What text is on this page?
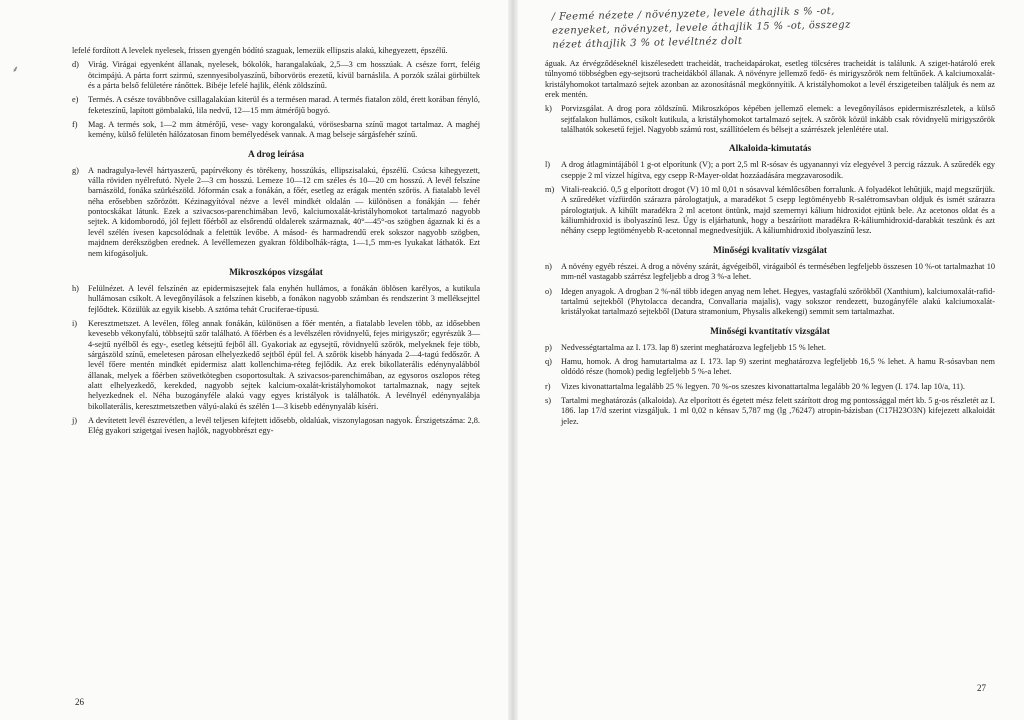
⸙
/ Feemé nézete / növényzete, levele áthajlik s % -ot,
ezenyeket, növényzet, levele áthajlik 15 % -ot, összegz
nézet áthajlik 3 % ot levéltnéz dolt

lefelé fordított A levelek nyelesek, frissen gyengén bódító szaguak, lemezük ellipszis alakú, kihegyezett, épszélű.

d) Virág. Virágai egyenként állanak, nyelesek, bókolók, harangalakúak, 2,5—3 cm hosszúak. A csésze forrt, feléig ötcimpájú. A párta forrt szirmú, szennyesibolyaszínű, bíborvörös erezetű, kívül barnáslila. A porzók szálai görbültek és a párta belső felületére ránőttek. Bibéje lefelé hajlik, élénk zöldszínű.
e) Termés. A csésze továbbnőve csillagalakúan kiterül és a termésen marad. A termés fiatalon zöld, érett korában fényló, feketeszínű, lapított gömbalakú, lila nedvű, 12—15 mm átmérőjű bogyó.
f) Mag. A termés sok, 1—2 mm átmérőjű, vese- vagy korongalakú, vörösesbarna színű magot tartalmaz. A maghéj kemény, külső felületén hálózatosan finom bemélyedések vannak. A mag belseje sárgásfehér színű.
A drog leírása
g) A nadragulya-levél hártyaszerű, papírvékony és törékeny, hosszúkás, ellipszisalakú, épszélű. Csúcsa kihegyezett, válla röviden nyélrefutó. Nyele 2—3 cm hosszú. Lemeze 10—12 cm széles és 10—20 cm hosszú. A levél felszíne barnászöld, fonáka szürkészöld. Jóformán csak a fonákán, a főér, esetleg az erágak mentén szőrös. A fiatalabb levél néha erősebben szőrözött. Kézinagyítóval nézve a levél mindkét oldalán — különösen a fonákján — fehér pontocskákat látunk. Ezek a szivacsos-parenchimában levő, kalciumoxalát-kristályhomokot tartalmazó nagyobb sejtek. A kidomborodó, jól fejlett főérből az elsőrendű oldalerek származnak, 40°—45°-os szögben ágaznak ki és a levél szélén ívesen kapcsolódnak a felettük levőbe. A másod- és harmadrendű erek sokszor nagyobb szögben, majdnem derékszögben erednek. A levéllemezen gyakran földibolhák-rágta, 1—1,5 mm-es lyukakat láthatók. Ezt nem kifogásoljuk.
Mikroszkópos vizsgálat
h) Felülnézet. A levél felszínén az epidermiszsejtek fala enyhén hullámos, a fonákán öblösen karélyos, a kutikula hullámosan csíkolt. A levegőnyílások a felszínen kisebb, a fonákon nagyobb számban és rendszerint 3 melléksejttel fejlődtek. Közülük az egyik kisebb. A sztóma tehát Cruciferae-típusú.
i) Keresztmetszet. A levélen, főleg annak fonákán, különösen a főér mentén, a fiatalabb levelen több, az idősebben kevesebb vékonyfalú, többsejtű szőr található. A főérben és a levélszélen rövidnyelű, fejes mirigyszőr; egyrészük 3—4-sejtű nyélből és egy-, esetleg kétsejtű fejből áll. Gyakoriak az egysejtű, rövidnyelű szőrök, melyeknek feje több, sárgászöld színű, emeletesen párosan elhelyezkedő sejtből épül fel. A szőrök kisebb hányada 2—4-tagú fedőszőr. A levél főere mentén mindkét epidermisz alatt kollenchima-réteg fejlődik. Az erek bikollaterális edénynyalábból állanak, melyek a főérben szövetkötegben csoportosultak. A szivacsos-parenchimában, az egysoros oszlopos réteg alatt elhelyezkedő, kerekded, nagyobb sejtek kalcium-oxalát-kristályhomokot tartalmaznak, nagy sejtek helyezkednek el. Néha buzogányféle alakú vagy egyes kristályok is találhatók. A levélnyél edénynyalábja bikollaterális, keresztmetszetben vályú-alakú és szélén 1—3 kisebb edénynyaláb kíséri.
j) A devítetett levél észrevétlen, a levél teljesen kifejtett idősebb, oldalúak, viszonylagosan nagyok. Érszigetszáma: 2,8. Elég gyakori szigetgai ívesen hajlók, nagyobbrészt egy-
26

águak. Az érvégződéseknél kiszélesedett tracheidát, tracheidapárokat, esetleg tölcséres tracheidát is találunk. A sziget-határoló erek túlnyomó többségben egy-sejtsorú tracheidákból állanak. A növényre jellemző fedő- és mirigyszőrök nem feltűnőek. A kalciumoxalát-kristályhomokot tartalmazó sejtek azonban az azonosításnál megkönnyítik. A kristályhomokot a levél érszigeteiben találjuk és nem az erek mentén.

k) Porvizsgálat. A drog pora zöldszínű. Mikroszkópos képében jellemző elemek: a levegőnyílásos epidermiszrészletek, a külső sejtfalakon hullámos, csíkolt kutikula, a kristályhomokot tartalmazó sejtek. A szőrök közül inkább csak rövidnyelű mirigyszőrök találhatók sokesetű fejjel. Nagyobb számú rost, szállítóelem és bélsejt a szárrészek jelenlétére utal.
Alkaloida-kimutatás
l) A drog átlagmintájából 1 g-ot elporítunk (V); a port 2,5 ml R-sósav és ugyanannyi víz elegyével 3 percig rázzuk. A szűredék egy cseppje 2 ml vízzel hígítva, egy csepp R-Mayer-oldat hozzáadására megzavarosodik.
m) Vitali-reakció. 0,5 g elporított drogot (V) 10 ml 0,01 n sósavval kémlőcsőben forralunk. A folyadékot lehűtjük, majd megszűrjük. A szűredéket vízfürdőn szárazra párologtatjuk, a maradékot 5 csepp legtöményebb R-salétromsavban oldjuk és ismét szárazra párologtatjuk. A kihűlt maradékra 2 ml acetont öntünk, majd szemernyi kálium hidroxidot ejtünk bele. Az acetonos oldat és a káliumhidroxid is ibolyaszínű lesz. Úgy is eljárhatunk, hogy a beszárított maradékra R-káliumhidroxid-darabkát teszünk és azt néhány csepp legtöményebb R-acetonnal megnedvesítjük. A káliumhidroxid ibolyaszínű lesz.
Minőségi kvalitatív vizsgálat
n) A növény egyéb részei. A drog a növény szárát, ágvégeiből, virágaiból és termésében legfeljebb összesen 10 %-ot tartalmazhat 10 mm-nél vastagabb szárrész legfeljebb a drog 3 %-a lehet.
o) Idegen anyagok. A drogban 2 %-nál több idegen anyag nem lehet. Hegyes, vastagfalú szőrökből (Xanthium), kalciumoxalát-rafid-tartalmú sejtekből (Phytolacca decandra, Convallaria majalis), vagy sokszor rendezett, buzogányféle alakú kalciumoxalát-kristályokat tartalmazó sejtekből (Datura stramonium, Physalis alkekengi) semmit sem tartalmazhat.
Minőségi kvantitatív vizsgálat
p) Nedvességtartalma az I. 173. lap 8) szerint meghatározva legfeljebb 15 % lehet.
q) Hamu, homok. A drog hamutartalma az I. 173. lap 9) szerint meghatározva legfeljebb 16,5 % lehet. A hamu R-sósavban nem oldódó része (homok) pedig legfeljebb 5 %-a lehet.
r) Vizes kivonattartalma legalább 25 % legyen. 70 %-os szeszes kivonattartalma legalább 20 % legyen (I. 174. lap 10/a, 11).
s) Tartalmi meghatározás (alkaloida). Az elporított és égetett mész felett szárított drog mg pontossággal mért kb. 5 g-os részletét az I. 186. lap 17/d szerint vizsgáljuk. 1 ml 0,02 n kénsav 5,787 mg (lg ,76247) atropin-bázisban (C17H23O3N) kifejezett alkaloidát jelez.
27
